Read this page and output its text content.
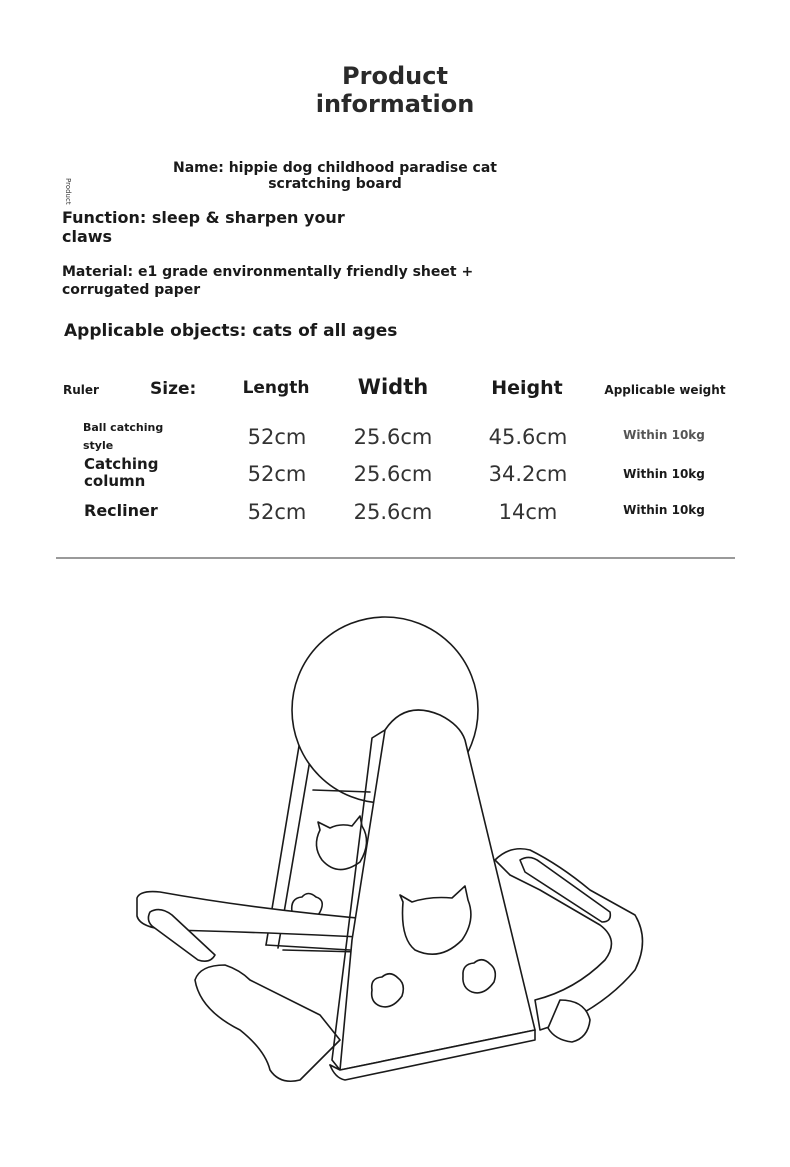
Product
information
Product
Name: hippie dog childhood paradise cat
scratching board
Function: sleep & sharpen your
claws
Material: e1 grade environmentally friendly sheet +
corrugated paper
Applicable objects: cats of all ages
Ruler	Size:	Length	Width	Height	Applicable weight
Ball catching
style	52cm	25.6cm	45.6cm	Within 10kg
Catching
column	52cm	25.6cm	34.2cm	Within 10kg
Recliner	52cm	25.6cm	14cm	Within 10kg
